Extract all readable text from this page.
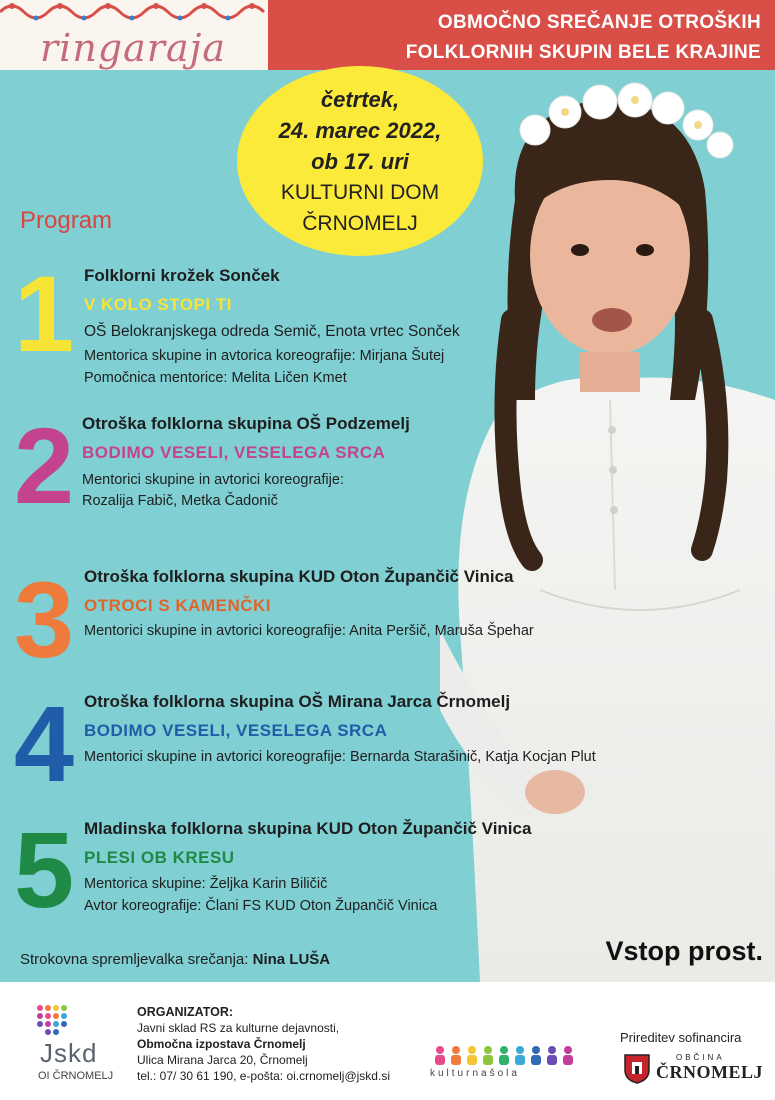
ringaraja
OBMOČNO SREČANJE OTROŠKIH
FOLKLORNIH SKUPIN BELE KRAJINE
četrtek,
24. marec 2022,
ob 17. uri
KULTURNI DOM
ČRNOMELJ
Program
1 Folklorni krožek Sonček
V KOLO STOPI TI
OŠ Belokranjskega odreda Semič, Enota vrtec Sonček
Mentorica skupine in avtorica koreografije: Mirjana Šutej
Pomočnica mentorice: Melita Ličen Kmet
2 Otroška folklorna skupina OŠ Podzemelj
BODIMO VESELI, VESELEGA SRCA
Mentorici skupine in avtorici koreografije:
Rozalija Fabič, Metka Čadonič
3 Otroška folklorna skupina KUD Oton Župančič Vinica
OTROCI S KAMENČKI
Mentorici skupine in avtorici koreografije: Anita Peršič, Maruša Špehar
4 Otroška folklorna skupina OŠ Mirana Jarca Črnomelj
BODIMO VESELI, VESELEGA SRCA
Mentorici skupine in avtorici koreografije: Bernarda Starašinič, Katja Kocjan Plut
5 Mladinska folklorna skupina KUD Oton Župančič Vinica
PLESI OB KRESU
Mentorica skupine: Željka Karin Biličič
Avtor koreografije: Člani FS KUD Oton Župančič Vinica
Strokovna spremljevalka srečanja: Nina LUŠA	Vstop prost.
Jskd
OI ČRNOMELJ
ORGANIZATOR:
Javni sklad RS za kulturne dejavnosti,
Območna izpostava Črnomelj
Ulica Mirana Jarca 20, Črnomelj
tel.: 07/ 30 61 190, e-pošta: oi.crnomelj@jskd.si	kulturnašola
Prireditev sofinancira
OBČINA
ČRNOMELJ
